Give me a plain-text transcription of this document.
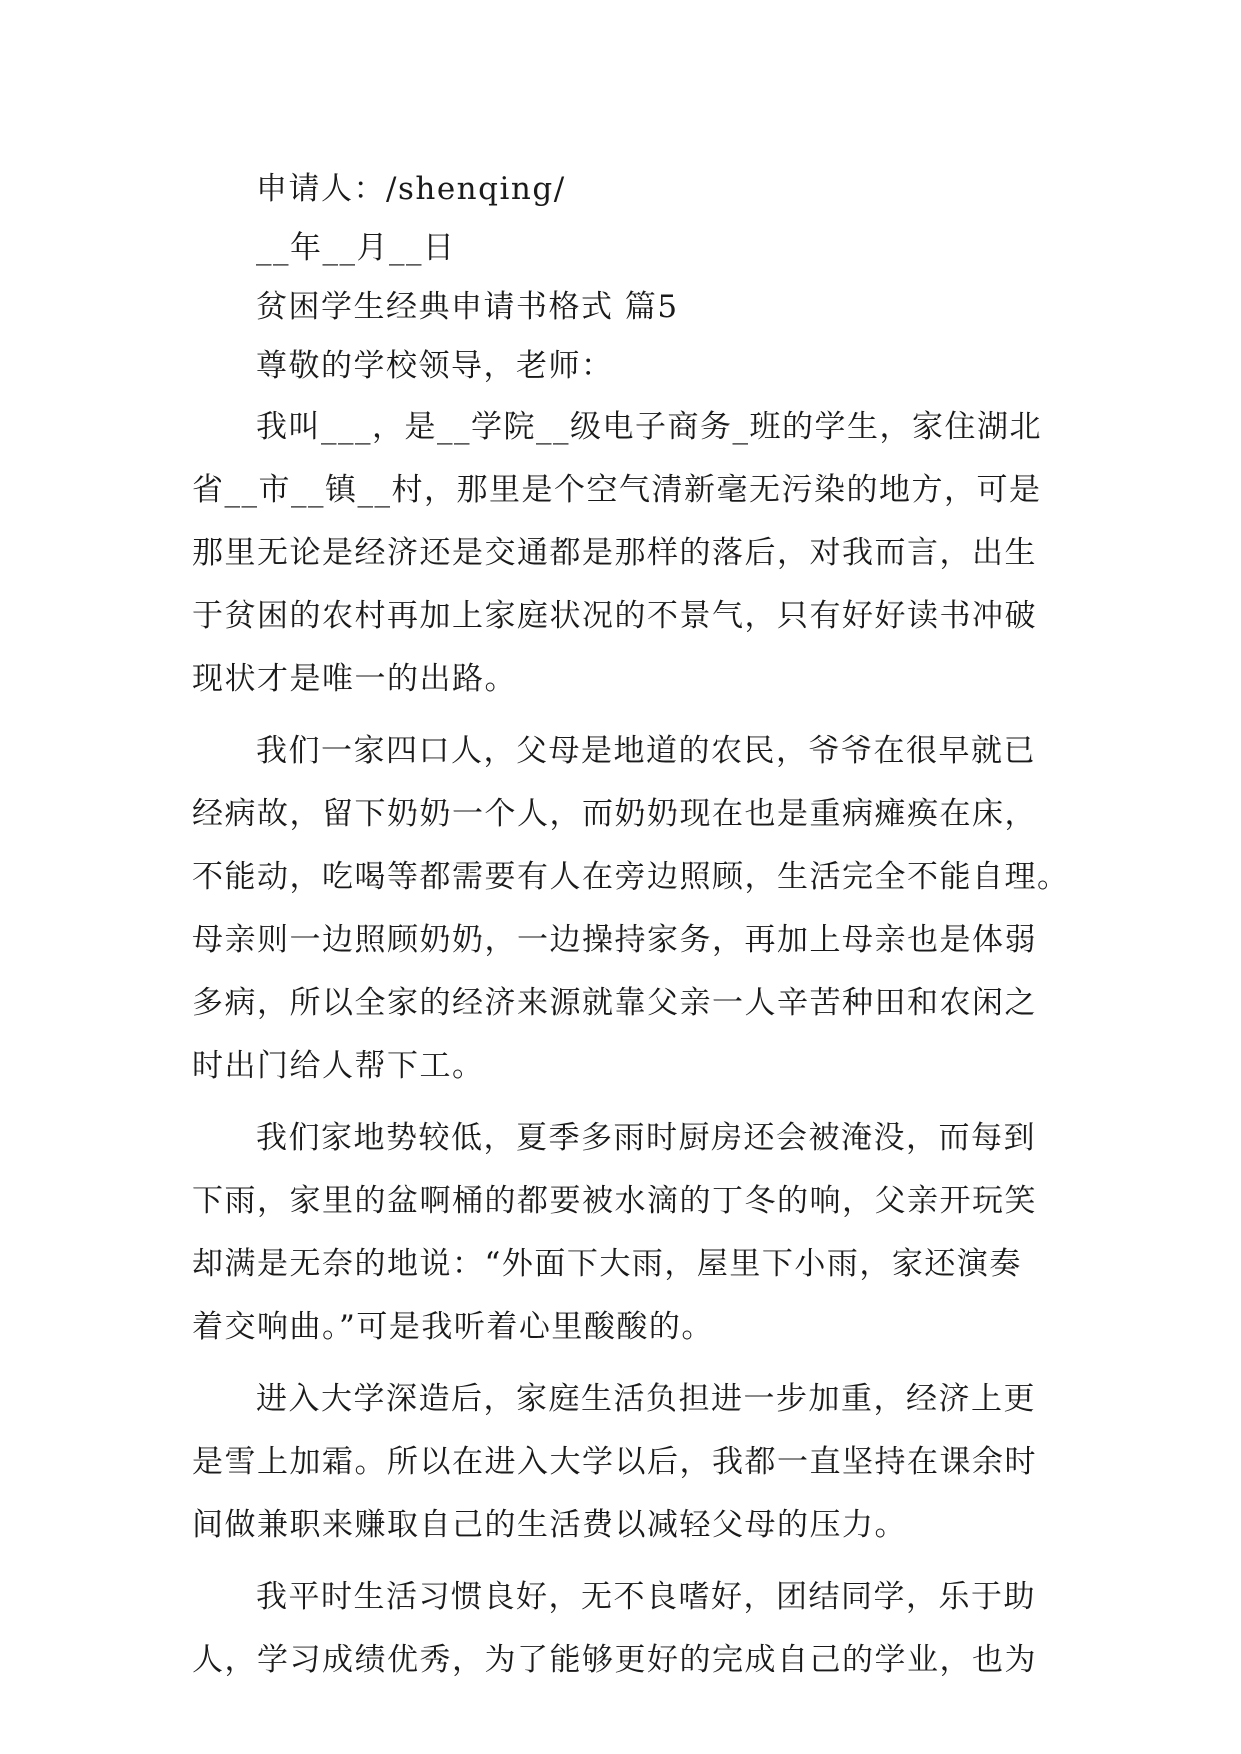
申请人：/shenqing/

__年__月__日

贫困学生经典申请书格式 篇5

尊敬的学校领导，老师：

我叫___，是__学院__级电子商务_班的学生，家住湖北

省__市__镇__村，那里是个空气清新毫无污染的地方，可是

那里无论是经济还是交通都是那样的落后，对我而言，出生

于贫困的农村再加上家庭状况的不景气，只有好好读书冲破

现状才是唯一的出路。

我们一家四口人，父母是地道的农民，爷爷在很早就已

经病故，留下奶奶一个人，而奶奶现在也是重病瘫痪在床，

不能动，吃喝等都需要有人在旁边照顾，生活完全不能自理。

母亲则一边照顾奶奶，一边操持家务，再加上母亲也是体弱

多病，所以全家的经济来源就靠父亲一人辛苦种田和农闲之

时出门给人帮下工。

我们家地势较低，夏季多雨时厨房还会被淹没，而每到

下雨，家里的盆啊桶的都要被水滴的丁冬的响，父亲开玩笑

却满是无奈的地说：“外面下大雨，屋里下小雨，家还演奏

着交响曲。”可是我听着心里酸酸的。

进入大学深造后，家庭生活负担进一步加重，经济上更

是雪上加霜。所以在进入大学以后，我都一直坚持在课余时

间做兼职来赚取自己的生活费以减轻父母的压力。

我平时生活习惯良好，无不良嗜好，团结同学，乐于助

人，学习成绩优秀，为了能够更好的完成自己的学业，也为
